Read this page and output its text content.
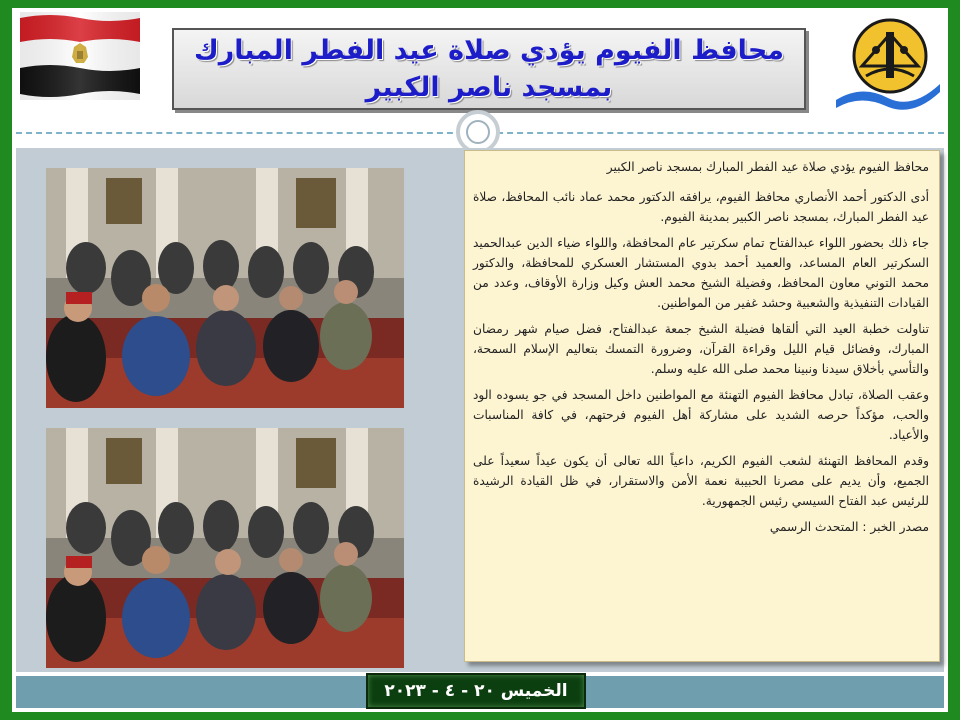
محافظ الفيوم يؤدي صلاة عيد الفطر المبارك بمسجد ناصر الكبير

محافظ الفيوم يؤدي صلاة عيد الفطر المبارك بمسجد ناصر الكبير

أدى الدكتور أحمد الأنصاري محافظ الفيوم، يرافقه الدكتور محمد عماد نائب المحافظ، صلاة عيد الفطر المبارك، بمسجد ناصر الكبير بمدينة الفيوم.

جاء ذلك بحضور اللواء عبدالفتاح تمام سكرتير عام المحافظة، واللواء ضياء الدين عبدالحميد السكرتير العام المساعد، والعميد أحمد بدوي المستشار العسكري للمحافظة، والدكتور محمد التوني معاون المحافظ، وفضيلة الشيخ محمد العش وكيل وزارة الأوقاف، وعدد من القيادات التنفيذية والشعبية وحشد غفير من المواطنين.

تناولت خطبة العيد التي ألقاها فضيلة الشيخ جمعة عبدالفتاح، فضل صيام شهر رمضان المبارك، وفضائل قيام الليل وقراءة القرآن، وضرورة التمسك بتعاليم الإسلام السمحة، والتأسي بأخلاق سيدنا ونبينا محمد صلى الله عليه وسلم.

وعقب الصلاة، تبادل محافظ الفيوم التهنئة مع المواطنين داخل المسجد في جو يسوده الود والحب، مؤكداً حرصه الشديد على مشاركة أهل الفيوم فرحتهم، في كافة المناسبات والأعياد.

وقدم المحافظ التهنئة لشعب الفيوم الكريم، داعياً الله تعالى أن يكون عيداً سعيداً على الجميع، وأن يديم على مصرنا الحبيبة نعمة الأمن والاستقرار، في ظل القيادة الرشيدة للرئيس عبد الفتاح السيسي رئيس الجمهورية.

مصدر الخبر : المتحدث الرسمي

الخميس ٢٠ - ٤ - ٢٠٢٣
